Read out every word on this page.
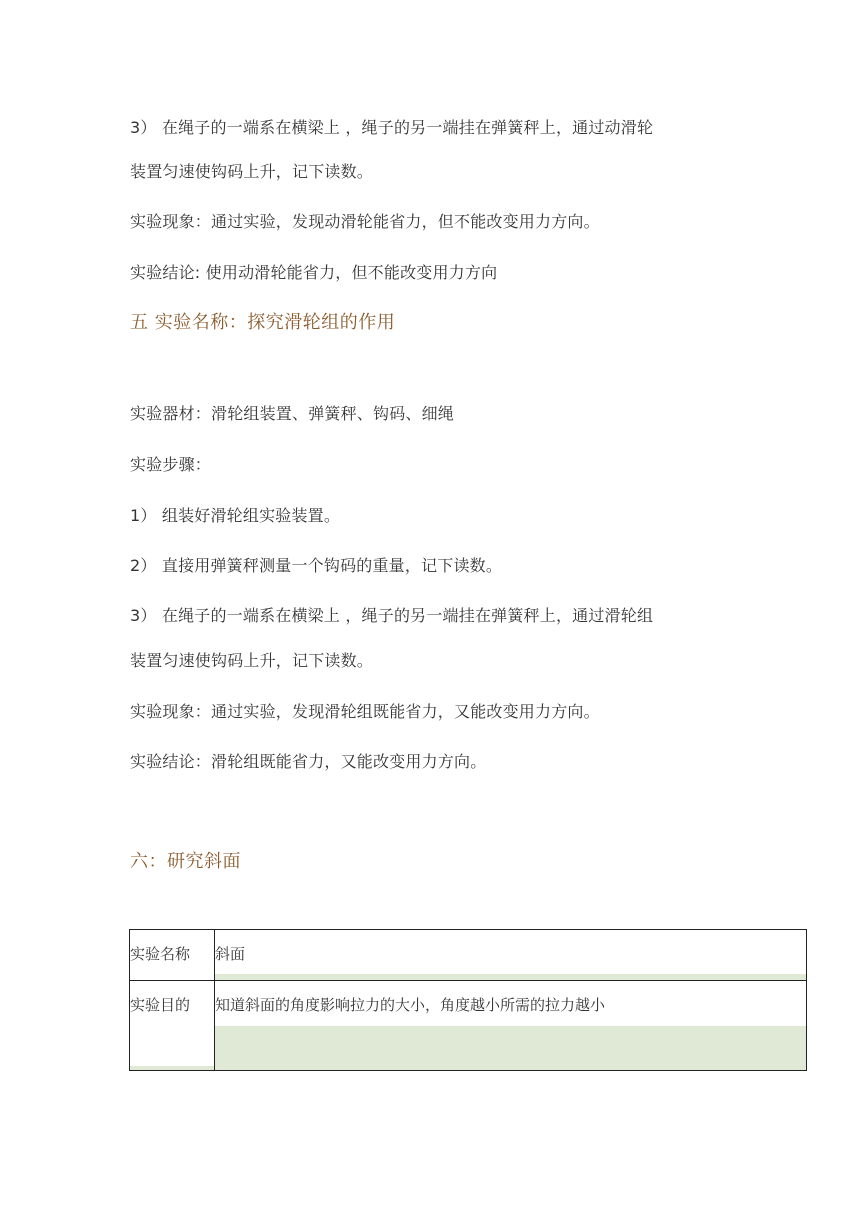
3） 在绳子的一端系在横梁上 ，绳子的另一端挂在弹簧秤上，通过动滑轮
装置匀速使钩码上升，记下读数。
实验现象：通过实验，发现动滑轮能省力，但不能改变用力方向。
实验结论: 使用动滑轮能省力，但不能改变用力方向
五 实验名称：探究滑轮组的作用
实验器材：滑轮组装置、弹簧秤、钩码、细绳
实验步骤：
1） 组装好滑轮组实验装置。
2） 直接用弹簧秤测量一个钩码的重量，记下读数。
3） 在绳子的一端系在横梁上 ，绳子的另一端挂在弹簧秤上，通过滑轮组
装置匀速使钩码上升，记下读数。
实验现象：通过实验，发现滑轮组既能省力，又能改变用力方向。
实验结论：滑轮组既能省力，又能改变用力方向。
六：研究斜面
实验名称 斜面
实验目的 知道斜面的角度影响拉力的大小，角度越小所需的拉力越小
